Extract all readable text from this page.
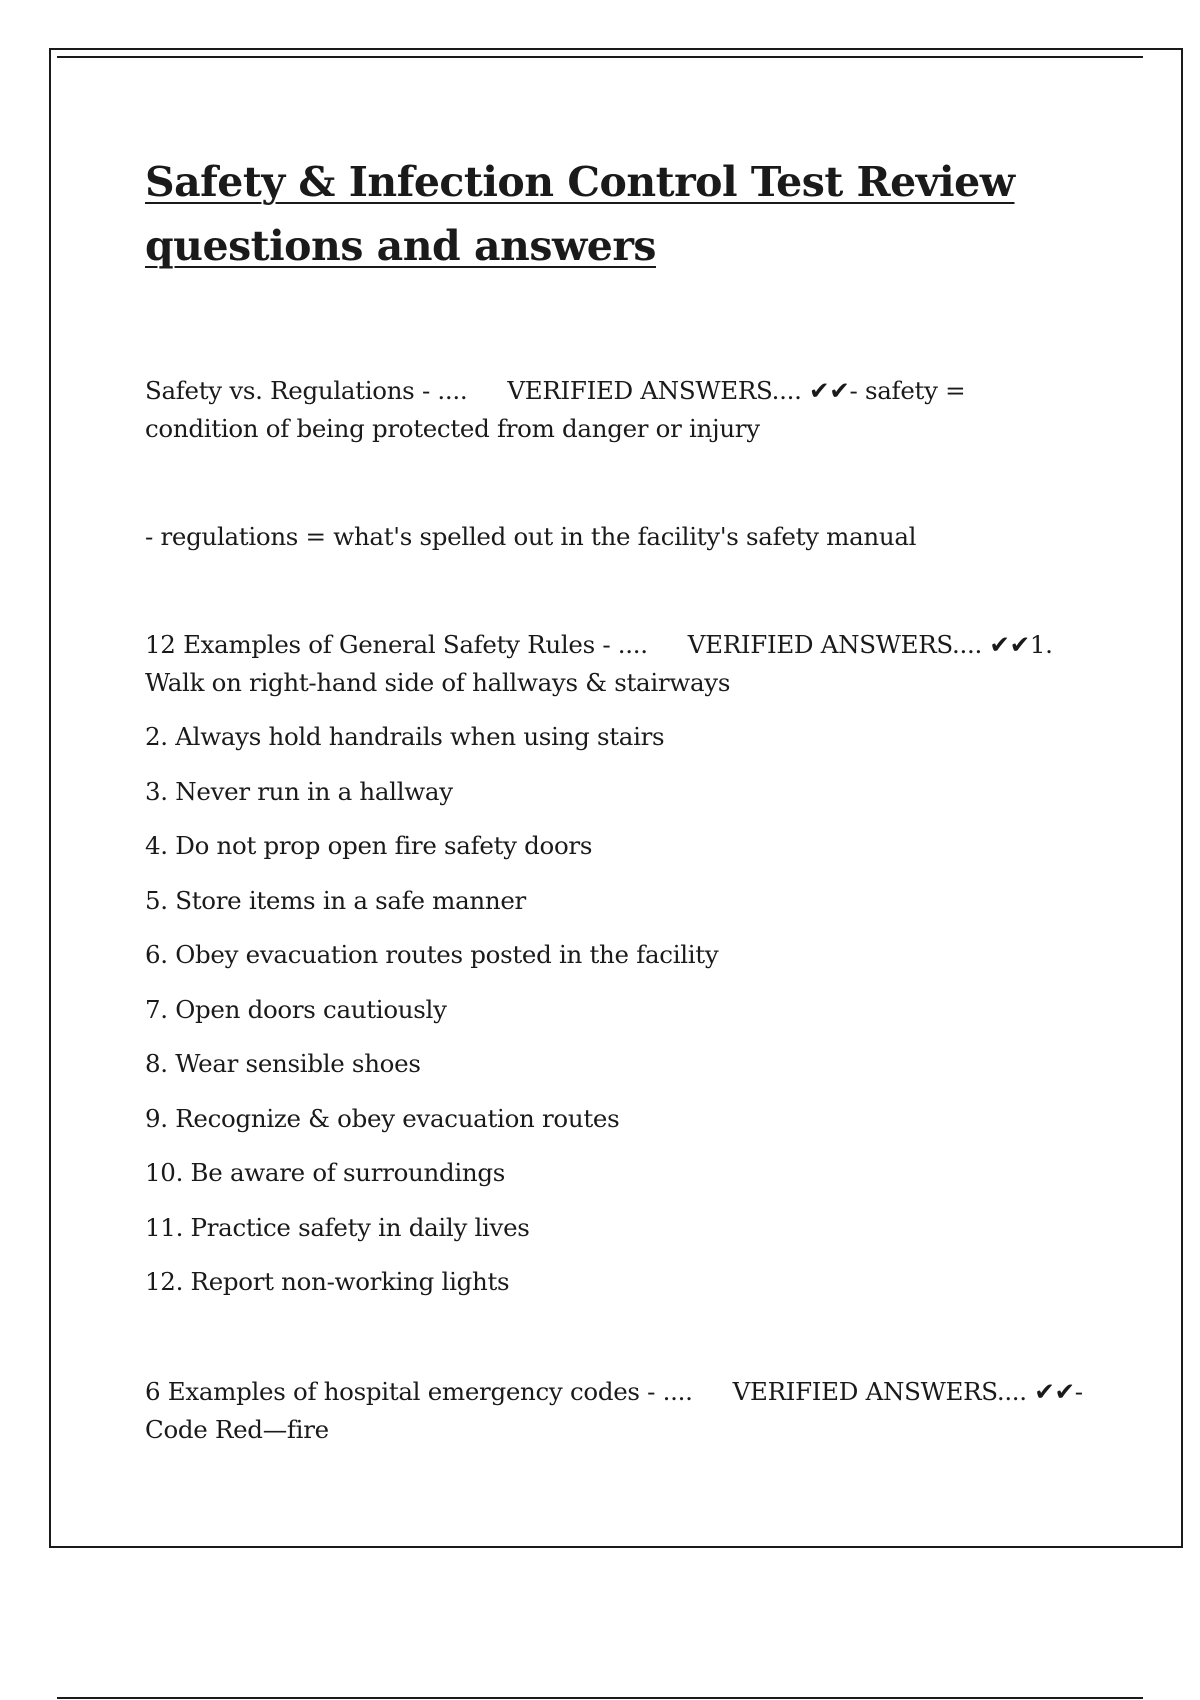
Safety & Infection Control Test Review
questions and answers

Safety vs. Regulations - .... VERIFIED ANSWERS.... ✔✔- safety = condition of being protected from danger or injury

- regulations = what's spelled out in the facility's safety manual

12 Examples of General Safety Rules - .... VERIFIED ANSWERS.... ✔✔1. Walk on right-hand side of hallways & stairways

2. Always hold handrails when using stairs
3. Never run in a hallway
4. Do not prop open fire safety doors
5. Store items in a safe manner
6. Obey evacuation routes posted in the facility
7. Open doors cautiously
8. Wear sensible shoes
9. Recognize & obey evacuation routes
10. Be aware of surroundings
11. Practice safety in daily lives
12. Report non-working lights

6 Examples of hospital emergency codes - .... VERIFIED ANSWERS.... ✔✔- Code Red—fire
